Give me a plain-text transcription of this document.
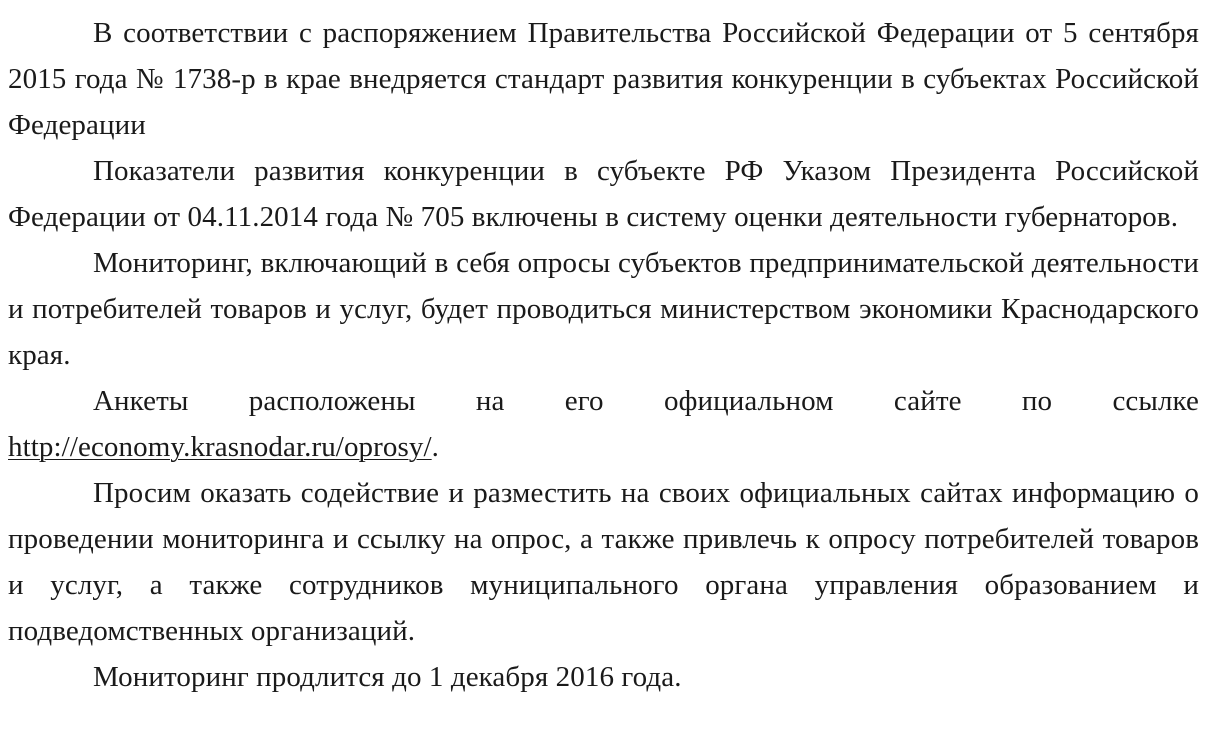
В соответствии с распоряжением Правительства Российской Федерации от 5 сентября 2015 года № 1738-р в крае внедряется стандарт развития конкуренции в субъектах Российской Федерации

Показатели развития конкуренции в субъекте РФ Указом Президента Российской Федерации от 04.11.2014 года № 705 включены в систему оценки деятельности губернаторов.

Мониторинг, включающий в себя опросы субъектов предпринимательской деятельности и потребителей товаров и услуг, будет проводиться министерством экономики Краснодарского края.

Анкеты расположены на его официальном сайте по ссылке http://economy.krasnodar.ru/oprosy/.

Просим оказать содействие и разместить на своих официальных сайтах информацию о проведении мониторинга и ссылку на опрос, а также привлечь к опросу потребителей товаров и услуг, а также сотрудников муниципального органа управления образованием и подведомственных организаций.

Мониторинг продлится до 1 декабря 2016 года.
